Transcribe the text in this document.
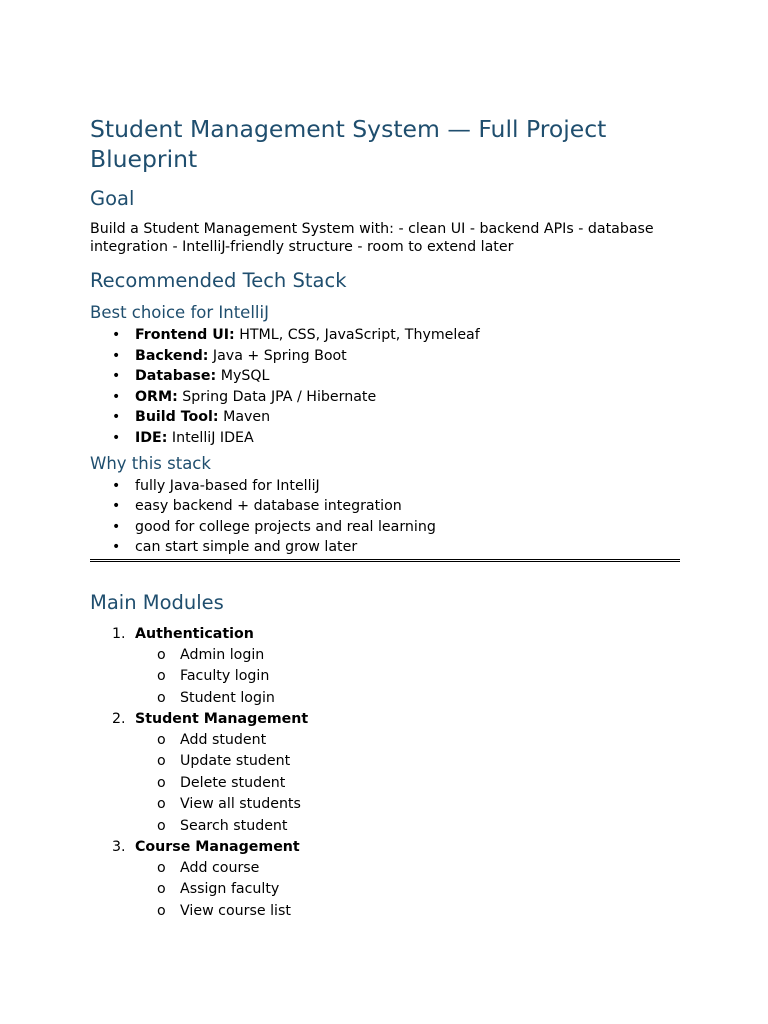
Student Management System — Full Project Blueprint
Goal

Build a Student Management System with: - clean UI - backend APIs - database integration - IntelliJ-friendly structure - room to extend later

Recommended Tech Stack
Best choice for IntelliJ
• Frontend UI: HTML, CSS, JavaScript, Thymeleaf
• Backend: Java + Spring Boot
• Database: MySQL
• ORM: Spring Data JPA / Hibernate
• Build Tool: Maven
• IDE: IntelliJ IDEA
Why this stack
• fully Java-based for IntelliJ
• easy backend + database integration
• good for college projects and real learning
• can start simple and grow later
Main Modules
1. Authentication
o Admin login
o Faculty login
o Student login
2. Student Management
o Add student
o Update student
o Delete student
o View all students
o Search student
3. Course Management
o Add course
o Assign faculty
o View course list
